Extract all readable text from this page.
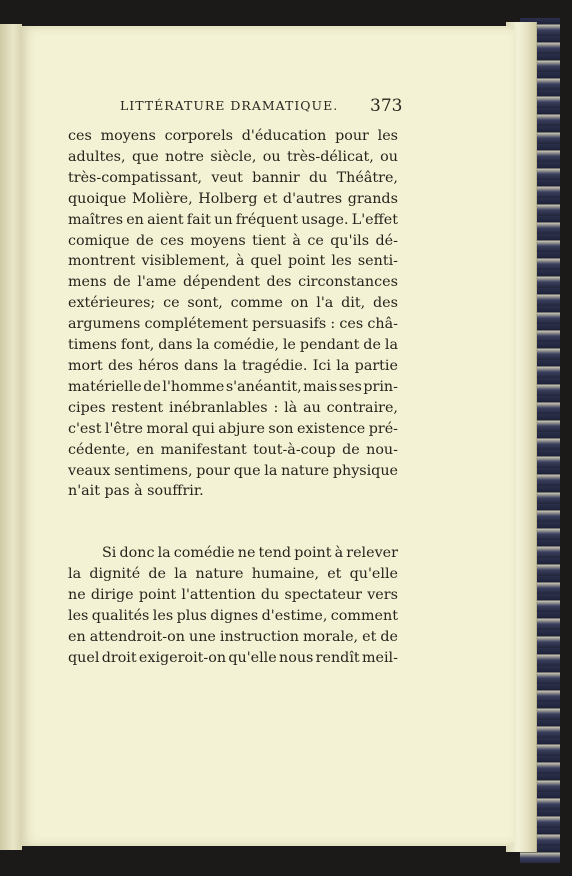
LITTÉRATURE DRAMATIQUE. 373
ces moyens corporels d'éducation pour les
adultes, que notre siècle, ou très-délicat, ou
très-compatissant, veut bannir du Théâtre,
quoique Molière, Holberg et d'autres grands
maîtres en aient fait un fréquent usage. L'effet
comique de ces moyens tient à ce qu'ils dé-
montrent visiblement, à quel point les senti-
mens de l'ame dépendent des circonstances
extérieures; ce sont, comme on l'a dit, des
argumens complétement persuasifs : ces châ-
timens font, dans la comédie, le pendant de la
mort des héros dans la tragédie. Ici la partie
matérielle de l'homme s'anéantit, mais ses prin-
cipes restent inébranlables : là au contraire,
c'est l'être moral qui abjure son existence pré-
cédente, en manifestant tout-à-coup de nou-
veaux sentimens, pour que la nature physique
n'ait pas à souffrir.
Si donc la comédie ne tend point à relever
la dignité de la nature humaine, et qu'elle
ne dirige point l'attention du spectateur vers
les qualités les plus dignes d'estime, comment
en attendroit-on une instruction morale, et de
quel droit exigeroit-on qu'elle nous rendît meil-
